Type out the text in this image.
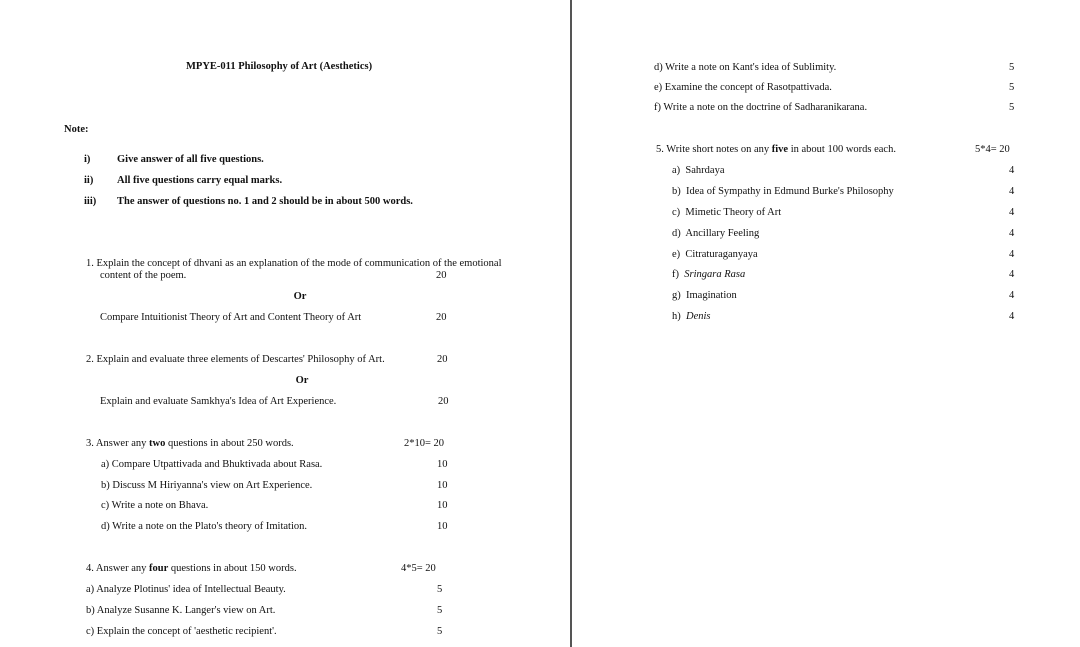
MPYE-011 Philosophy of Art (Aesthetics)
Note:
i)	Give answer of all five questions.
ii) All five questions carry equal marks.
iii) The answer of questions no. 1 and 2 should be in about 500 words.
1. Explain the concept of dhvani as an explanation of the mode of communication of the emotional
content of the poem.	20
Or
Compare Intuitionist Theory of Art and Content Theory of Art	20
2. Explain and evaluate three elements of Descartes' Philosophy of Art.	20
Or
Explain and evaluate Samkhya's Idea of Art Experience.	20
3. Answer any two questions in about 250 words.	2*10= 20
a) Compare Utpattivada and Bhuktivada about Rasa.	10
b) Discuss M Hiriyanna's view on Art Experience.	10
c) Write a note on Bhava.	10
d) Write a note on the Plato's theory of Imitation.	10
4. Answer any four questions in about 150 words.	4*5= 20
a) Analyze Plotinus' idea of Intellectual Beauty.	5
b) Analyze Susanne K. Langer's view on Art.	5
c) Explain the concept of 'aesthetic recipient'.	5
d) Write a note on Kant's idea of Sublimity.	5
e) Examine the concept of Rasotpattivada.	5
f) Write a note on the doctrine of Sadharanikarana.	5
5. Write short notes on any five in about 100 words each.	5*4= 20
a) Sahrdaya	4
b) Idea of Sympathy in Edmund Burke's Philosophy	4
c) Mimetic Theory of Art	4
d) Ancillary Feeling	4
e) Citraturaganyaya	4
f) Sringara Rasa	4
g) Imagination	4
h) Denis	4
